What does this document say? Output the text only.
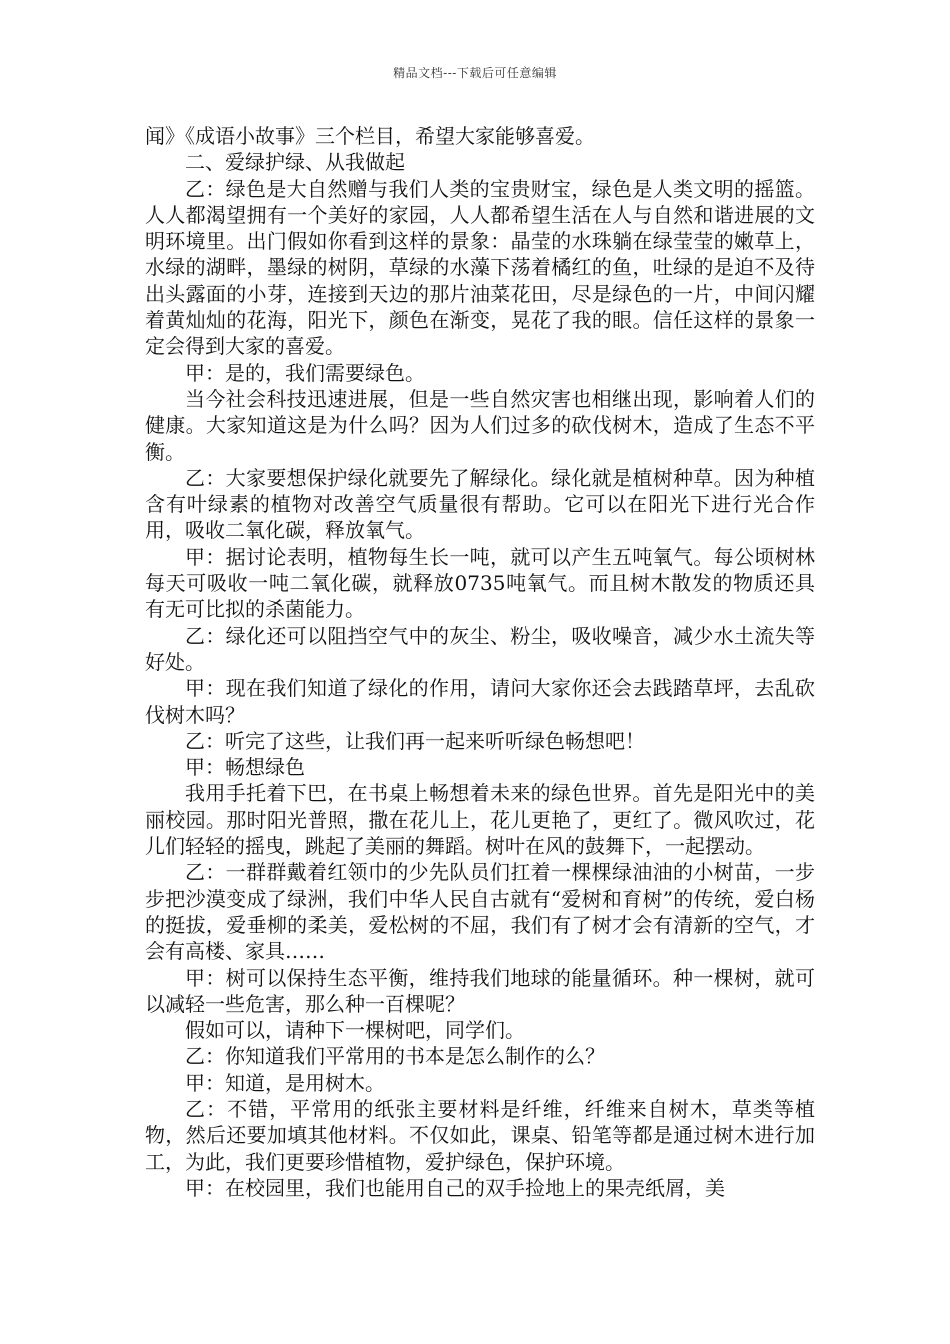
精品文档---下载后可任意编辑

闻》《成语小故事》三个栏目，希望大家能够喜爱。

二、爱绿护绿、从我做起

乙：绿色是大自然赠与我们人类的宝贵财宝，绿色是人类文明的摇篮。人人都渴望拥有一个美好的家园，人人都希望生活在人与自然和谐进展的文明环境里。出门假如你看到这样的景象：晶莹的水珠躺在绿莹莹的嫩草上，水绿的湖畔，墨绿的树阴，草绿的水藻下荡着橘红的鱼，吐绿的是迫不及待出头露面的小芽，连接到天边的那片油菜花田，尽是绿色的一片，中间闪耀着黄灿灿的花海，阳光下，颜色在渐变，晃花了我的眼。信任这样的景象一定会得到大家的喜爱。

甲：是的，我们需要绿色。

当今社会科技迅速进展，但是一些自然灾害也相继出现，影响着人们的健康。大家知道这是为什么吗？因为人们过多的砍伐树木，造成了生态不平衡。

乙：大家要想保护绿化就要先了解绿化。绿化就是植树种草。因为种植含有叶绿素的植物对改善空气质量很有帮助。它可以在阳光下进行光合作用，吸收二氧化碳，释放氧气。

甲：据讨论表明，植物每生长一吨，就可以产生五吨氧气。每公顷树林每天可吸收一吨二氧化碳，就释放0735吨氧气。而且树木散发的物质还具有无可比拟的杀菌能力。

乙：绿化还可以阻挡空气中的灰尘、粉尘，吸收噪音，减少水土流失等好处。

甲：现在我们知道了绿化的作用，请问大家你还会去践踏草坪，去乱砍伐树木吗？

乙：听完了这些，让我们再一起来听听绿色畅想吧！

甲：畅想绿色

我用手托着下巴，在书桌上畅想着未来的绿色世界。首先是阳光中的美丽校园。那时阳光普照，撒在花儿上，花儿更艳了，更红了。微风吹过，花儿们轻轻的摇曳，跳起了美丽的舞蹈。树叶在风的鼓舞下，一起摆动。

乙：一群群戴着红领巾的少先队员们扛着一棵棵绿油油的小树苗，一步步把沙漠变成了绿洲，我们中华人民自古就有“爱树和育树”的传统，爱白杨的挺拔，爱垂柳的柔美，爱松树的不屈，我们有了树才会有清新的空气，才会有高楼、家具……

甲：树可以保持生态平衡，维持我们地球的能量循环。种一棵树，就可以减轻一些危害，那么种一百棵呢？

假如可以，请种下一棵树吧，同学们。

乙：你知道我们平常用的书本是怎么制作的么？

甲：知道，是用树木。

乙：不错，平常用的纸张主要材料是纤维，纤维来自树木，草类等植物，然后还要加填其他材料。不仅如此，课桌、铅笔等都是通过树木进行加工，为此，我们更要珍惜植物，爱护绿色，保护环境。

甲：在校园里，我们也能用自己的双手捡地上的果壳纸屑，美
